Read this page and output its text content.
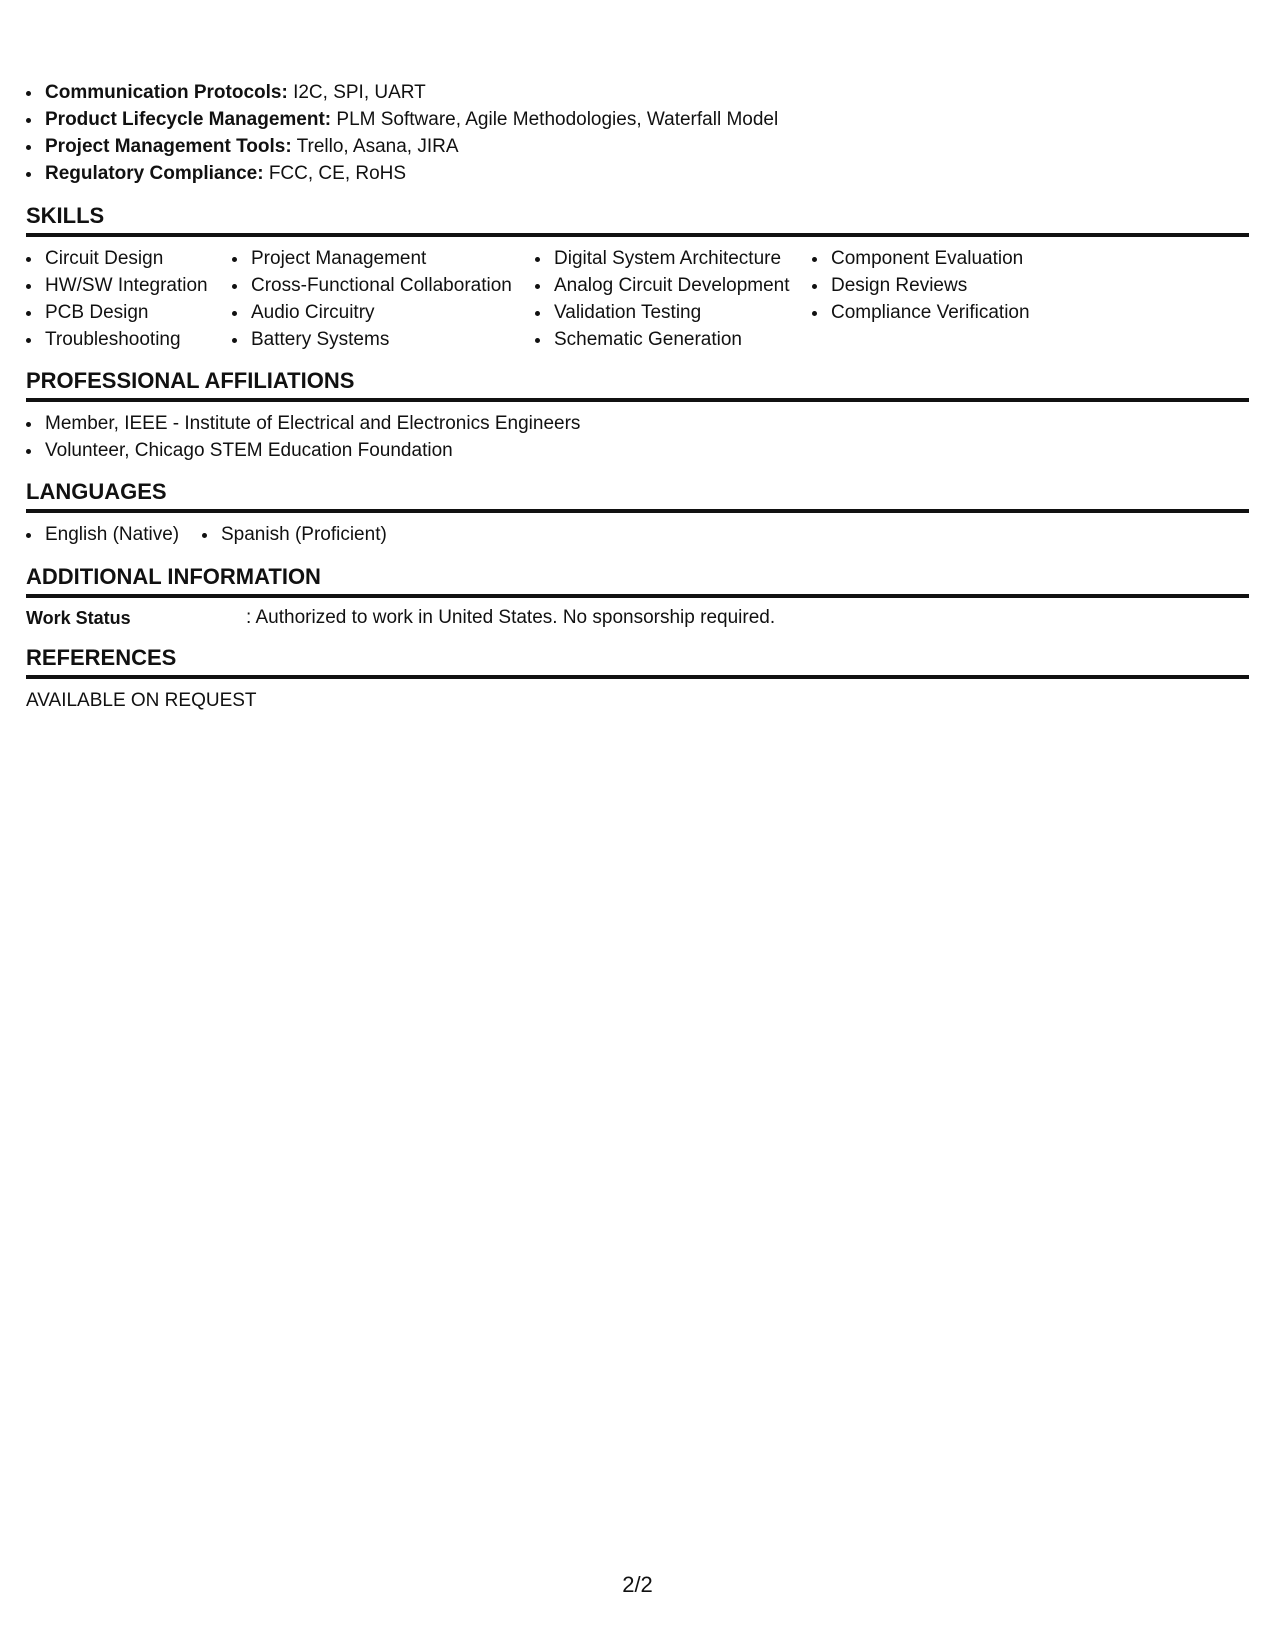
Communication Protocols: I2C, SPI, UART
Product Lifecycle Management: PLM Software, Agile Methodologies, Waterfall Model
Project Management Tools: Trello, Asana, JIRA
Regulatory Compliance: FCC, CE, RoHS
SKILLS
Circuit Design
HW/SW Integration
PCB Design
Troubleshooting
Project Management
Cross-Functional Collaboration
Audio Circuitry
Battery Systems
Digital System Architecture
Analog Circuit Development
Validation Testing
Schematic Generation
Component Evaluation
Design Reviews
Compliance Verification
PROFESSIONAL AFFILIATIONS
Member, IEEE - Institute of Electrical and Electronics Engineers
Volunteer, Chicago STEM Education Foundation
LANGUAGES
English (Native)	Spanish (Proficient)
ADDITIONAL INFORMATION
Work Status	: Authorized to work in United States. No sponsorship required.
REFERENCES
AVAILABLE ON REQUEST
2/2
